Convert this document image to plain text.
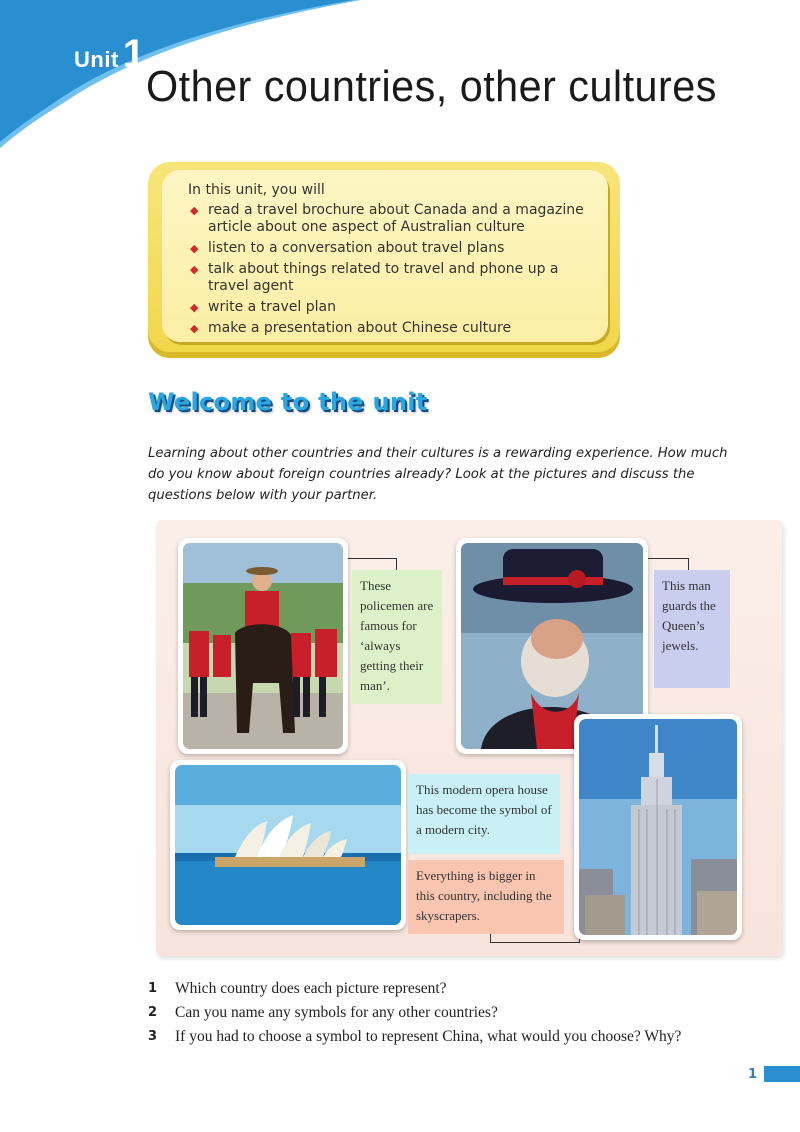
Unit 1
Other countries, other cultures

In this unit, you will

◆ read a travel brochure about Canada and a magazine article about one aspect of Australian culture
◆ listen to a conversation about travel plans
◆ talk about things related to travel and phone up a travel agent
◆ write a travel plan
◆ make a presentation about Chinese culture
Welcome to the unit

Learning about other countries and their cultures is a rewarding experience. How much do you know about foreign countries already? Look at the pictures and discuss the questions below with your partner.

These policemen are famous for ‘always getting their man’.
This man guards the Queen’s jewels.
This modern opera house has become the symbol of a modern city.
Everything is bigger in this country, including the skyscrapers.
1 Which country does each picture represent?
2 Can you name any symbols for any other countries?
3 If you had to choose a symbol to represent China, what would you choose? Why?
1
